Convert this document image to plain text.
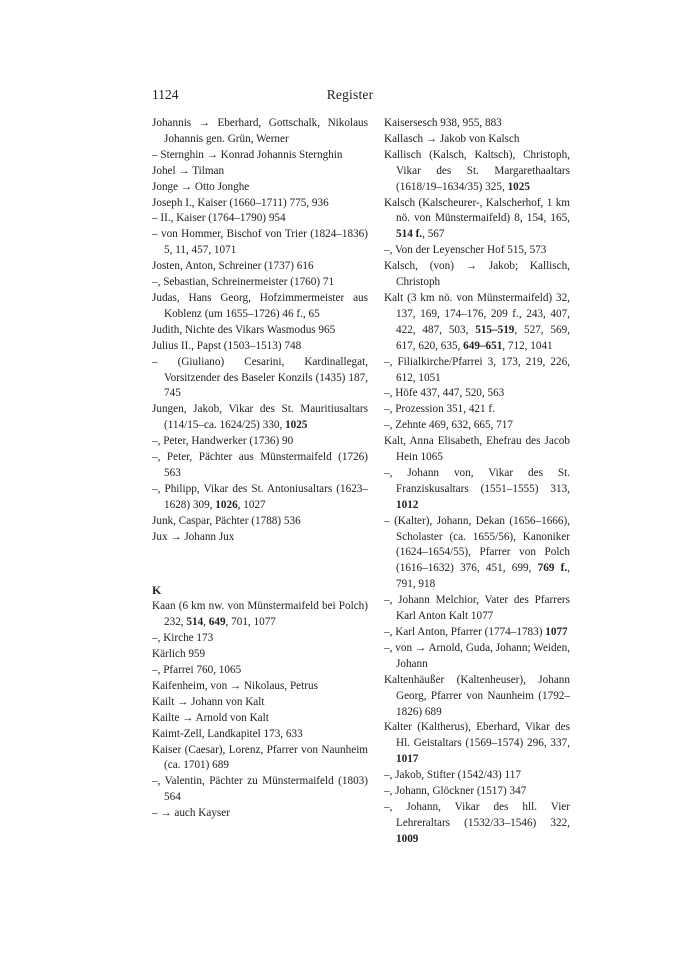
1124	Register
Johannis → Eberhard, Gottschalk, Nikolaus Johannis gen. Grün, Werner
– Sternghin → Konrad Johannis Sternghin
Johel → Tilman
Jonge → Otto Jonghe
Joseph I., Kaiser (1660–1711) 775, 936
– II., Kaiser (1764–1790) 954
– von Hommer, Bischof von Trier (1824–1836) 5, 11, 457, 1071
Josten, Anton, Schreiner (1737) 616
–, Sebastian, Schreinermeister (1760) 71
Judas, Hans Georg, Hofzimmermeister aus Koblenz (um 1655–1726) 46 f., 65
Judith, Nichte des Vikars Wasmodus 965
Julius II., Papst (1503–1513) 748
– (Giuliano) Cesarini, Kardinallegat, Vorsitzender des Baseler Konzils (1435) 187, 745
Jungen, Jakob, Vikar des St. Mauritiusaltars (114/15–ca. 1624/25) 330, 1025
–, Peter, Handwerker (1736) 90
–, Peter, Pächter aus Münstermaifeld (1726) 563
–, Philipp, Vikar des St. Antoniusaltars (1623–1628) 309, 1026, 1027
Junk, Caspar, Pächter (1788) 536
Jux → Johann Jux
K
Kaan (6 km nw. von Münstermaifeld bei Polch) 232, 514, 649, 701, 1077
–, Kirche 173
Kärlich 959
–, Pfarrei 760, 1065
Kaifenheim, von → Nikolaus, Petrus
Kailt → Johann von Kalt
Kailte → Arnold von Kalt
Kaimt-Zell, Landkapitel 173, 633
Kaiser (Caesar), Lorenz, Pfarrer von Naunheim (ca. 1701) 689
–, Valentin, Pächter zu Münstermaifeld (1803) 564
– → auch Kayser
Kaisersesch 938, 955, 883
Kallasch → Jakob von Kalsch
Kallisch (Kalsch, Kaltsch), Christoph, Vikar des St. Margarethaaltars (1618/19–1634/35) 325, 1025
Kalsch (Kalscheurer-, Kalscherhof, 1 km nö. von Münstermaifeld) 8, 154, 165, 514 f., 567
–, Von der Leyenscher Hof 515, 573
Kalsch, (von) → Jakob; Kallisch, Christoph
Kalt (3 km nö. von Münstermaifeld) 32, 137, 169, 174–176, 209 f., 243, 407, 422, 487, 503, 515–519, 527, 569, 617, 620, 635, 649–651, 712, 1041
–, Filialkirche/Pfarrei 3, 173, 219, 226, 612, 1051
–, Höfe 437, 447, 520, 563
–, Prozession 351, 421 f.
–, Zehnte 469, 632, 665, 717
Kalt, Anna Elisabeth, Ehefrau des Jacob Hein 1065
–, Johann von, Vikar des St. Franziskusaltars (1551–1555) 313, 1012
– (Kalter), Johann, Dekan (1656–1666), Scholaster (ca. 1655/56), Kanoniker (1624–1654/55), Pfarrer von Polch (1616–1632) 376, 451, 699, 769 f., 791, 918
–, Johann Melchior, Vater des Pfarrers Karl Anton Kalt 1077
–, Karl Anton, Pfarrer (1774–1783) 1077
–, von → Arnold, Guda, Johann; Weiden, Johann
Kaltenhäußer (Kaltenheuser), Johann Georg, Pfarrer von Naunheim (1792–1826) 689
Kalter (Kaltherus), Eberhard, Vikar des Hl. Geistaltars (1569–1574) 296, 337, 1017
–, Jakob, Stifter (1542/43) 117
–, Johann, Glöckner (1517) 347
–, Johann, Vikar des hll. Vier Lehreraltars (1532/33–1546) 322, 1009
